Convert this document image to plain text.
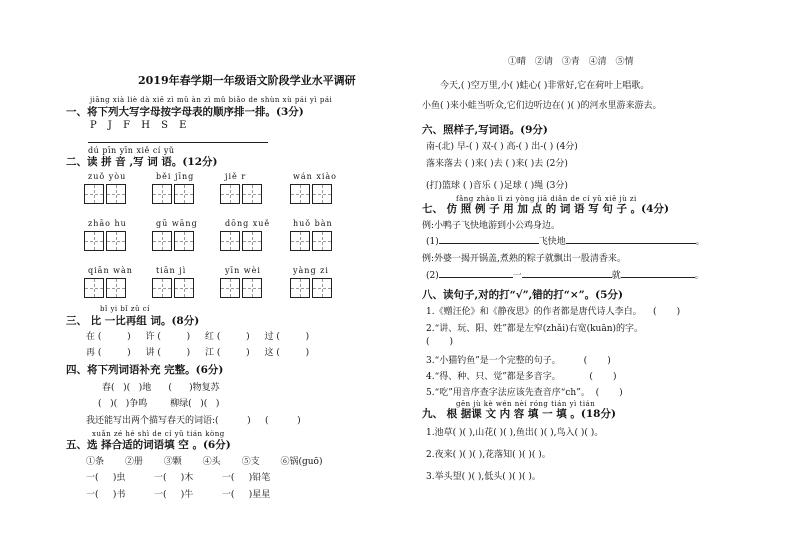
2019年春学期一年级语文阶段学业水平调研
jiāng xià liè dà xiě zì mǔ àn zì mǔ biǎo de shùn xù pái yì pái
一、将下列大写字母按字母表的顺序排一排。(3分)
P J F H S E
dú pīn yīn xiě cí yǔ
二、读 拼 音 ,写 词 语。(12分)
zuǒ yòu	běi jīng	jiě r	wán xiào
zhāo hu	gū wāng	dōng xuě	huǒ bàn
qiān wàn	tiān jì	yīn wèi	yàng zi
bǐ yi bǐ zǔ cí
三、 比 一比再组 词。(8分)
在 (         ) 许 (         ) 红 (         ) 过 (         )
再 (         ) 讲 (         ) 江 (         ) 这 (         )
四、将下列词语补充 完整。(6分)
春(   )(   )地      (      )物复苏
(   )(   )争鸣	柳绿(   )(   )
我还能写出两个描写春天的词语:(          )     (          )
xuǎn zé hé shì de cí yǔ tián kòng
五、选 择合适的词语填 空 。(6分)
①条 ②册 ③颗 ④头 ⑤支 ⑥锅(guō)
一(     )虫          一(     )木          一(     )铅笔
一(     )书          一(     )牛          一(     )星星
①晴 ②请 ③青 ④清 ⑤情
今天,( )空万里,小( )蛙心( )非常好,它在荷叶上唱歌。
小鱼( )来小蛙当听众,它们边听边在( )( )的河水里游来游去。
六、照样子,写词语。(9分)
南-(北) 早-( ) 双-( ) 高-( ) 出-( ) (4分)
落来落去 ( )来( )去 ( )来( )去 (2分)
(打)篮球 ( )音乐 ( )足球 ( )绳 (3分)
fǎng zhào lì zi yòng jiā diǎn de cí yǔ xiě jù zi
七、 仿 照 例 子 用 加 点 的 词 语 写 句 子 。(4分)
例:小鸭子飞快地游到小公鸡身边。
(1)	飞快地	。
例:外婆一揭开锅盖,煮熟的粽子就飘出一股清香来。
(2)	一	就	。
八、读句子,对的打“√”,错的打“×”。(5分)
1.《赠汪伦》和《静夜思》的作者都是唐代诗人李白。    (       )
2.“讲、玩、阳、姓”都是左窄(zhǎi)右宽(kuān)的字。
(       )
3.“小猫钓鱼”是一个完整的句子。        (       )
4.“得、种、只、觉”都是多音字。          (       )
5.“吃”用音序查字法应该先查音序“ch”。  (       )
gēn jù kè wén nèi róng tián yì tián
九、 根 据课 文 内 容 填 一 填 。(18分)
1.池草( )( ),山花( )( ),鱼出( )( ),鸟入( )( )。
2.夜来( )( )( ),花落知( )( )( )。
3.举头望( )( ),低头( )( )( )。
